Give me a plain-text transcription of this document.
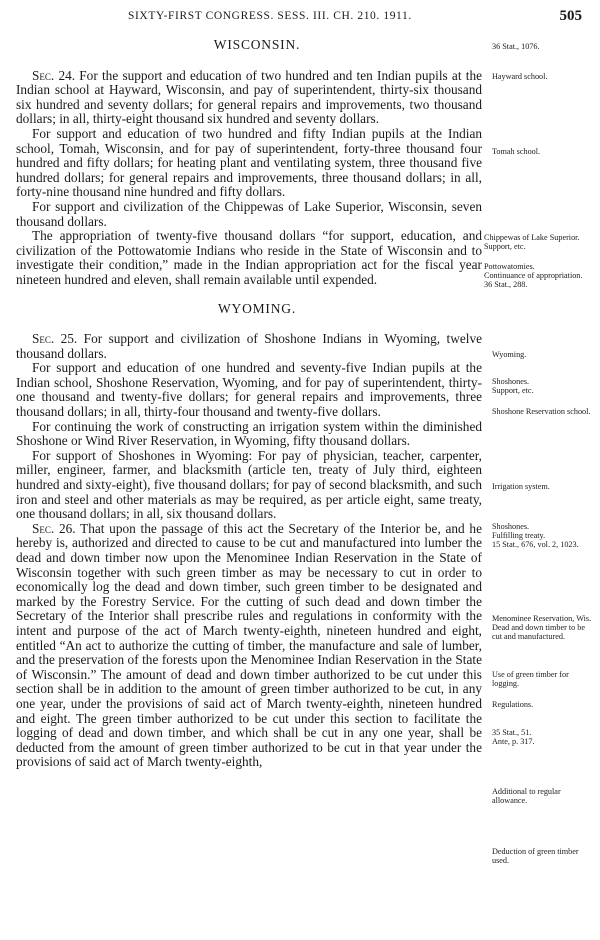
SIXTY-FIRST CONGRESS. SESS. III. CH. 210. 1911.	505

WISCONSIN.

Sec. 24. For the support and education of two hundred and ten Indian pupils at the Indian school at Hayward, Wisconsin, and pay of superintendent, thirty-six thousand six hundred and seventy dollars; for general repairs and improvements, two thousand dollars; in all, thirty-eight thousand six hundred and seventy dollars.

For support and education of two hundred and fifty Indian pupils at the Indian school, Tomah, Wisconsin, and for pay of superintendent, forty-three thousand four hundred and fifty dollars; for heating plant and ventilating system, three thousand five hundred dollars; for general repairs and improvements, three thousand dollars; in all, forty-nine thousand nine hundred and fifty dollars.

For support and civilization of the Chippewas of Lake Superior, Wisconsin, seven thousand dollars.

The appropriation of twenty-five thousand dollars “for support, education, and civilization of the Pottowatomie Indians who reside in the State of Wisconsin and to investigate their condition,” made in the Indian appropriation act for the fiscal year nineteen hundred and eleven, shall remain available until expended.

WYOMING.

Sec. 25. For support and civilization of Shoshone Indians in Wyoming, twelve thousand dollars.

For support and education of one hundred and seventy-five Indian pupils at the Indian school, Shoshone Reservation, Wyoming, and for pay of superintendent, thirty-one thousand and twenty-five dollars; for general repairs and improvements, three thousand dollars; in all, thirty-four thousand and twenty-five dollars.

For continuing the work of constructing an irrigation system within the diminished Shoshone or Wind River Reservation, in Wyoming, fifty thousand dollars.

For support of Shoshones in Wyoming: For pay of physician, teacher, carpenter, miller, engineer, farmer, and blacksmith (article ten, treaty of July third, eighteen hundred and sixty-eight), five thousand dollars; for pay of second blacksmith, and such iron and steel and other materials as may be required, as per article eight, same treaty, one thousand dollars; in all, six thousand dollars.

Sec. 26. That upon the passage of this act the Secretary of the Interior be, and he hereby is, authorized and directed to cause to be cut and manufactured into lumber the dead and down timber now upon the Menominee Indian Reservation in the State of Wisconsin together with such green timber as may be necessary to cut in order to economically log the dead and down timber, such green timber to be designated and marked by the Forestry Service. For the cutting of such dead and down timber the Secretary of the Interior shall prescribe rules and regulations in conformity with the intent and purpose of the act of March twenty-eighth, nineteen hundred and eight, entitled “An act to authorize the cutting of timber, the manufacture and sale of lumber, and the preservation of the forests upon the Menominee Indian Reservation in the State of Wisconsin.” The amount of dead and down timber authorized to be cut under this section shall be in addition to the amount of green timber authorized to be cut, in any one year, under the provisions of said act of March twenty-eighth, nineteen hundred and eight. The green timber authorized to be cut under this section to facilitate the logging of dead and down timber, and which shall be cut in any one year, shall be deducted from the amount of green timber authorized to be cut in that year under the provisions of said act of March twenty-eighth,

36 Stat., 1076.
Hayward school.
Tomah school.
Chippewas of Lake Superior.
Support, etc.
Pottowatomies.
Continuance of appropriation.
36 Stat., 288.
Wyoming.
Shoshones.
Support, etc.
Shoshone Reservation school.
Irrigation system.
Shoshones.
Fulfilling treaty.
15 Stat., 676, vol. 2, 1023.
Menominee Reservation, Wis.
Dead and down timber to be cut and manufactured.
Use of green timber for logging.
Regulations.
35 Stat., 51.
Ante, p. 317.
Additional to regular allowance.
Deduction of green timber used.
